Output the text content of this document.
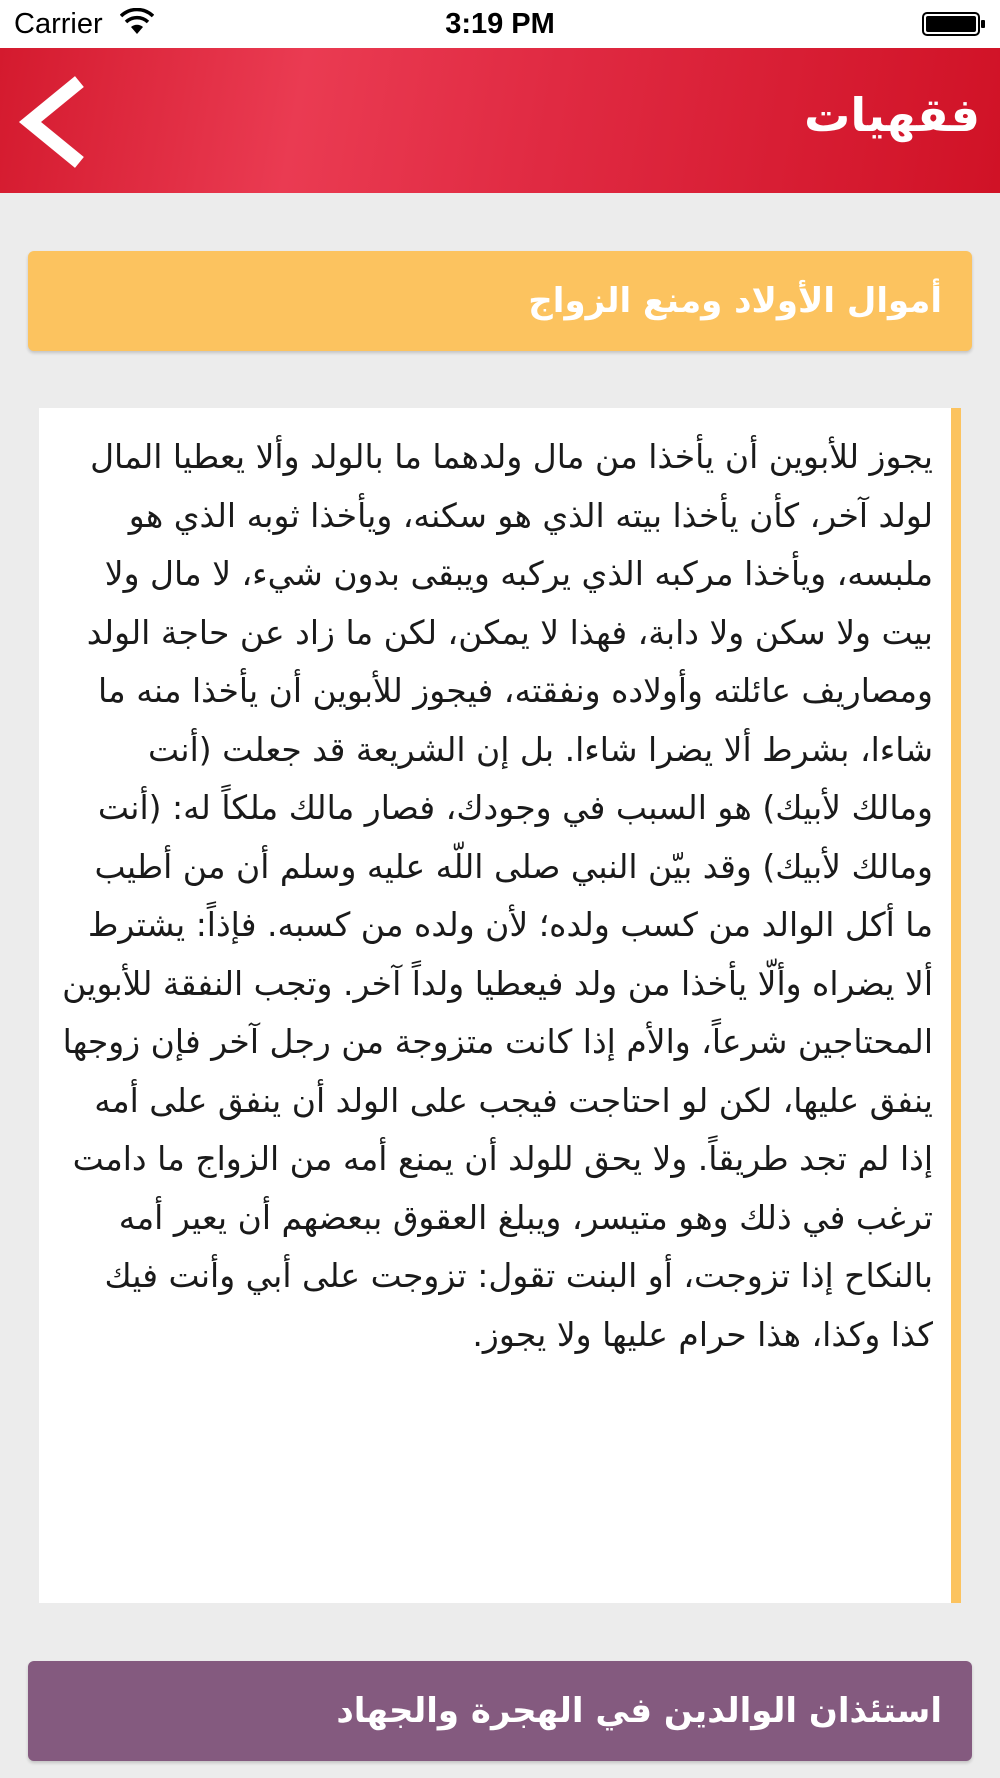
Carrier	3:19 PM
فقهيات
أموال الأولاد ومنع الزواج
يجوز للأبوين أن يأخذا من مال ولدهما ما بالولد وألا يعطيا المال لولد آخر، كأن يأخذا بيته الذي هو سكنه، ويأخذا ثوبه الذي هو ملبسه، ويأخذا مركبه الذي يركبه ويبقى بدون شيء، لا مال ولا بيت ولا سكن ولا دابة، فهذا لا يمكن، لكن ما زاد عن حاجة الولد ومصاريف عائلته وأولاده ونفقته، فيجوز للأبوين أن يأخذا منه ما شاءا، بشرط ألا يضرا شاءا. بل إن الشريعة قد جعلت (أنت ومالك لأبيك) هو السبب في وجودك، فصار مالك ملكاً له: (أنت ومالك لأبيك) وقد بيّن النبي صلى اللّه عليه وسلم أن من أطيب ما أكل الوالد من كسب ولده؛ لأن ولده من كسبه. فإذاً: يشترط ألا يضراه وألّا يأخذا من ولد فيعطيا ولداً آخر. وتجب النفقة للأبوين المحتاجين شرعاً، والأم إذا كانت متزوجة من رجل آخر فإن زوجها ينفق عليها، لكن لو احتاجت فيجب على الولد أن ينفق على أمه إذا لم تجد طريقاً. ولا يحق للولد أن يمنع أمه من الزواج ما دامت ترغب في ذلك وهو متيسر، ويبلغ العقوق ببعضهم أن يعير أمه بالنكاح إذا تزوجت، أو البنت تقول: تزوجت على أبي وأنت فيك كذا وكذا، هذا حرام عليها ولا يجوز.
استئذان الوالدين في الهجرة والجهاد
